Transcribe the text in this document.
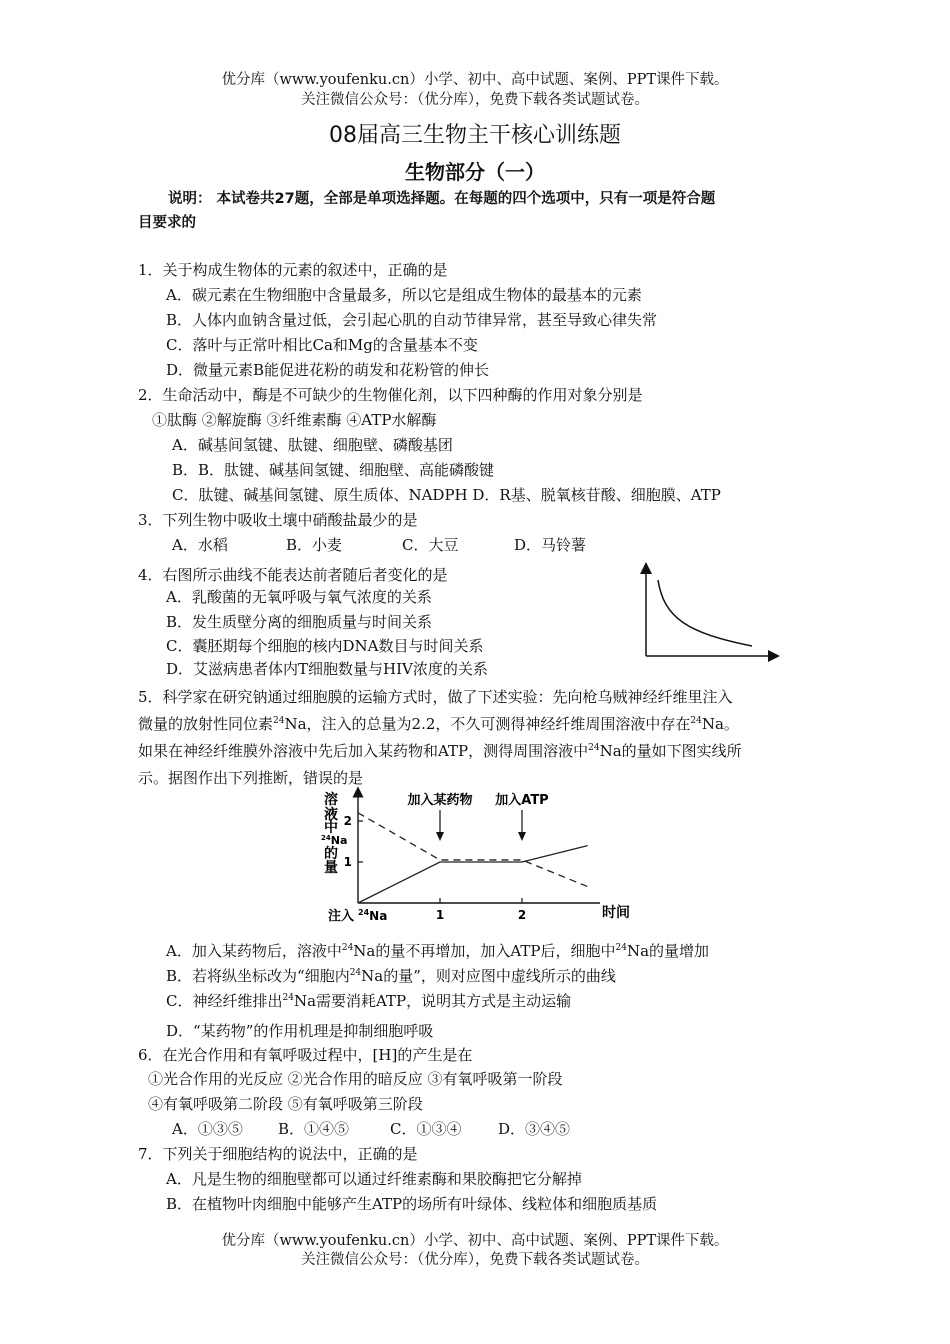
优分库（www.youfenku.cn）小学、初中、高中试题、案例、PPT课件下载。
关注微信公众号：（优分库），免费下载各类试题试卷。
08届高三生物主干核心训练题
生物部分（一）
说明： 本试卷共27题，全部是单项选择题。在每题的四个选项中，只有一项是符合题
目要求的
1．关于构成生物体的元素的叙述中，正确的是
A．碳元素在生物细胞中含量最多，所以它是组成生物体的最基本的元素
B．人体内血钠含量过低，会引起心肌的自动节律异常，甚至导致心律失常
C．落叶与正常叶相比Ca和Mg的含量基本不变
D．微量元素B能促进花粉的萌发和花粉管的伸长
2．生命活动中，酶是不可缺少的生物催化剂，以下四种酶的作用对象分别是
①肽酶 ②解旋酶 ③纤维素酶 ④ATP水解酶
A．碱基间氢键、肽键、细胞壁、磷酸基团
B．B．肽键、碱基间氢键、细胞壁、高能磷酸键
C．肽键、碱基间氢键、原生质体、NADPH D．R基、脱氧核苷酸、细胞膜、ATP
3．下列生物中吸收土壤中硝酸盐最少的是
A．水稻	B．小麦	C．大豆	D．马铃薯
4．右图所示曲线不能表达前者随后者变化的是
A．乳酸菌的无氧呼吸与氧气浓度的关系
B．发生质壁分离的细胞质量与时间关系
C．囊胚期每个细胞的核内DNA数目与时间关系
D．艾滋病患者体内T细胞数量与HIV浓度的关系
5．科学家在研究钠通过细胞膜的运输方式时，做了下述实验：先向枪乌贼神经纤维里注入
微量的放射性同位素$^{24}$Na，注入的总量为2.2，不久可测得神经纤维周围溶液中存在$^{24}$Na。
如果在神经纤维膜外溶液中先后加入某药物和ATP，测得周围溶液中$^{24}$Na的量如下图实线所
示。据图作出下列推断，错误的是
1
2
1	2
溶
液
中
$^{24}$Na
的
量
时间
注入 $^{24}$Na
加入某药物 加入ATP
A．加入某药物后，溶液中$^{24}$Na的量不再增加，加入ATP后，细胞中$^{24}$Na的量增加
B．若将纵坐标改为“细胞内$^{24}$Na的量”，则对应图中虚线所示的曲线
C．神经纤维排出$^{24}$Na需要消耗ATP，说明其方式是主动运输
D．“某药物”的作用机理是抑制细胞呼吸
6．在光合作用和有氧呼吸过程中，[H]的产生是在
①光合作用的光反应 ②光合作用的暗反应 ③有氧呼吸第一阶段
④有氧呼吸第二阶段 ⑤有氧呼吸第三阶段
A．①③⑤ B．①④⑤	C．①③④ D．③④⑤
7．下列关于细胞结构的说法中，正确的是
A．凡是生物的细胞壁都可以通过纤维素酶和果胶酶把它分解掉
B．在植物叶肉细胞中能够产生ATP的场所有叶绿体、线粒体和细胞质基质
优分库（www.youfenku.cn）小学、初中、高中试题、案例、PPT课件下载。
关注微信公众号：（优分库），免费下载各类试题试卷。
